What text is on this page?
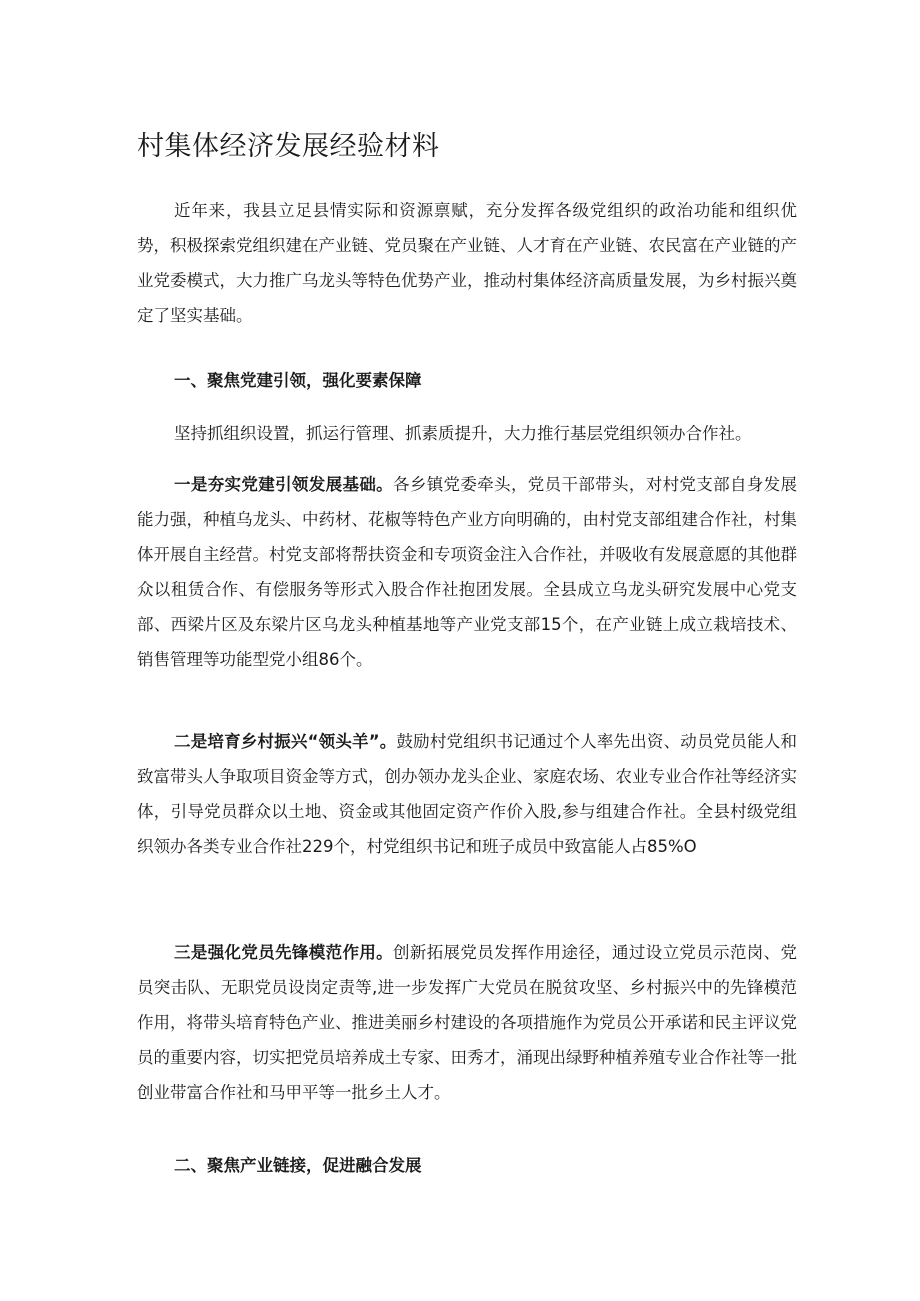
村集体经济发展经验材料

近年来，我县立足县情实际和资源禀赋，充分发挥各级党组织的政治功能和组织优势，积极探索党组织建在产业链、党员聚在产业链、人才育在产业链、农民富在产业链的产业党委模式，大力推广乌龙头等特色优势产业，推动村集体经济高质量发展，为乡村振兴奠定了坚实基础。

一、聚焦党建引领，强化要素保障

坚持抓组织设置，抓运行管理、抓素质提升，大力推行基层党组织领办合作社。

一是夯实党建引领发展基础。各乡镇党委牵头，党员干部带头，对村党支部自身发展能力强，种植乌龙头、中药材、花椒等特色产业方向明确的，由村党支部组建合作社，村集体开展自主经营。村党支部将帮扶资金和专项资金注入合作社，并吸收有发展意愿的其他群众以租赁合作、有偿服务等形式入股合作社抱团发展。全县成立乌龙头研究发展中心党支部、西梁片区及东梁片区乌龙头种植基地等产业党支部15个，在产业链上成立栽培技术、销售管理等功能型党小组86个。

二是培育乡村振兴“领头羊”。鼓励村党组织书记通过个人率先出资、动员党员能人和致富带头人争取项目资金等方式，创办领办龙头企业、家庭农场、农业专业合作社等经济实体，引导党员群众以土地、资金或其他固定资产作价入股,参与组建合作社。全县村级党组织领办各类专业合作社229个，村党组织书记和班子成员中致富能人占85%O

三是强化党员先锋模范作用。创新拓展党员发挥作用途径，通过设立党员示范岗、党员突击队、无职党员设岗定责等,进一步发挥广大党员在脱贫攻坚、乡村振兴中的先锋模范作用，将带头培育特色产业、推进美丽乡村建设的各项措施作为党员公开承诺和民主评议党员的重要内容，切实把党员培养成土专家、田秀才，涌现出绿野种植养殖专业合作社等一批创业带富合作社和马甲平等一批乡土人才。

二、聚焦产业链接，促进融合发展
